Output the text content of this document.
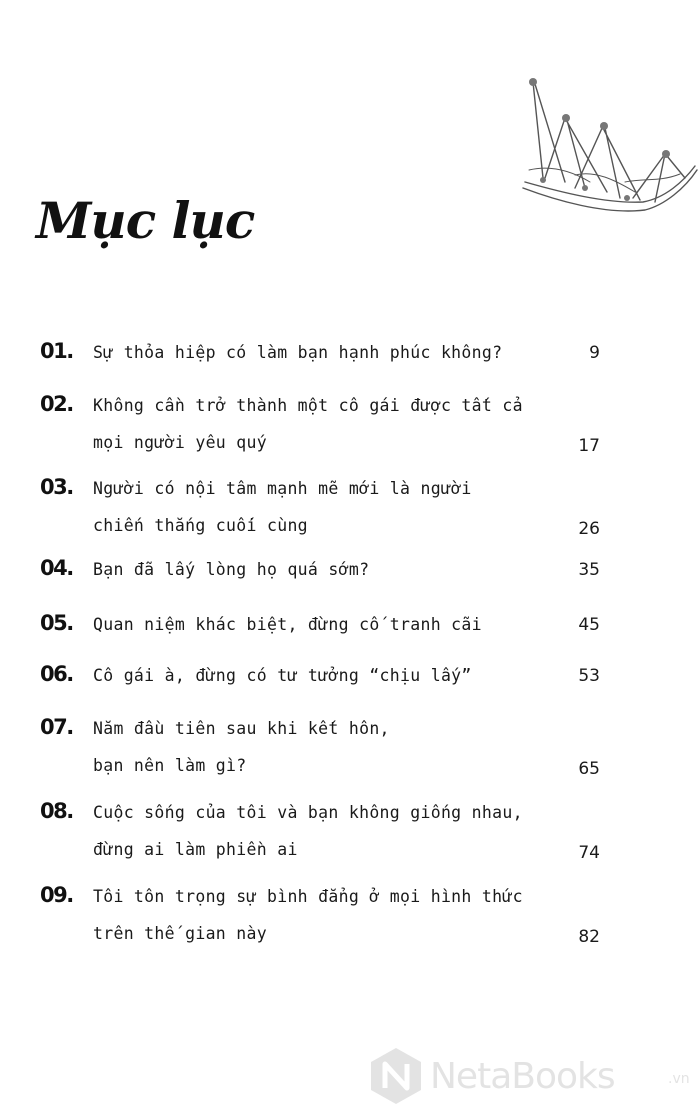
Mục lục
01. Sự thỏa hiệp có làm bạn hạnh phúc không?	9
02. Không cần trở thành một cô gái được tất cả
mọi người yêu quý	17
03. Người có nội tâm mạnh mẽ mới là người
chiến thắng cuối cùng	26
04. Bạn đã lấy lòng họ quá sớm?	35
05. Quan niệm khác biệt, đừng cố tranh cãi	45
06. Cô gái à, đừng có tư tưởng “chịu lấy”	53
07. Năm đầu tiên sau khi kết hôn,
bạn nên làm gì?	65
08. Cuộc sống của tôi và bạn không giống nhau,
đừng ai làm phiền ai	74
09. Tôi tôn trọng sự bình đẳng ở mọi hình thức
trên thế gian này	82
NetaBooks	.vn
